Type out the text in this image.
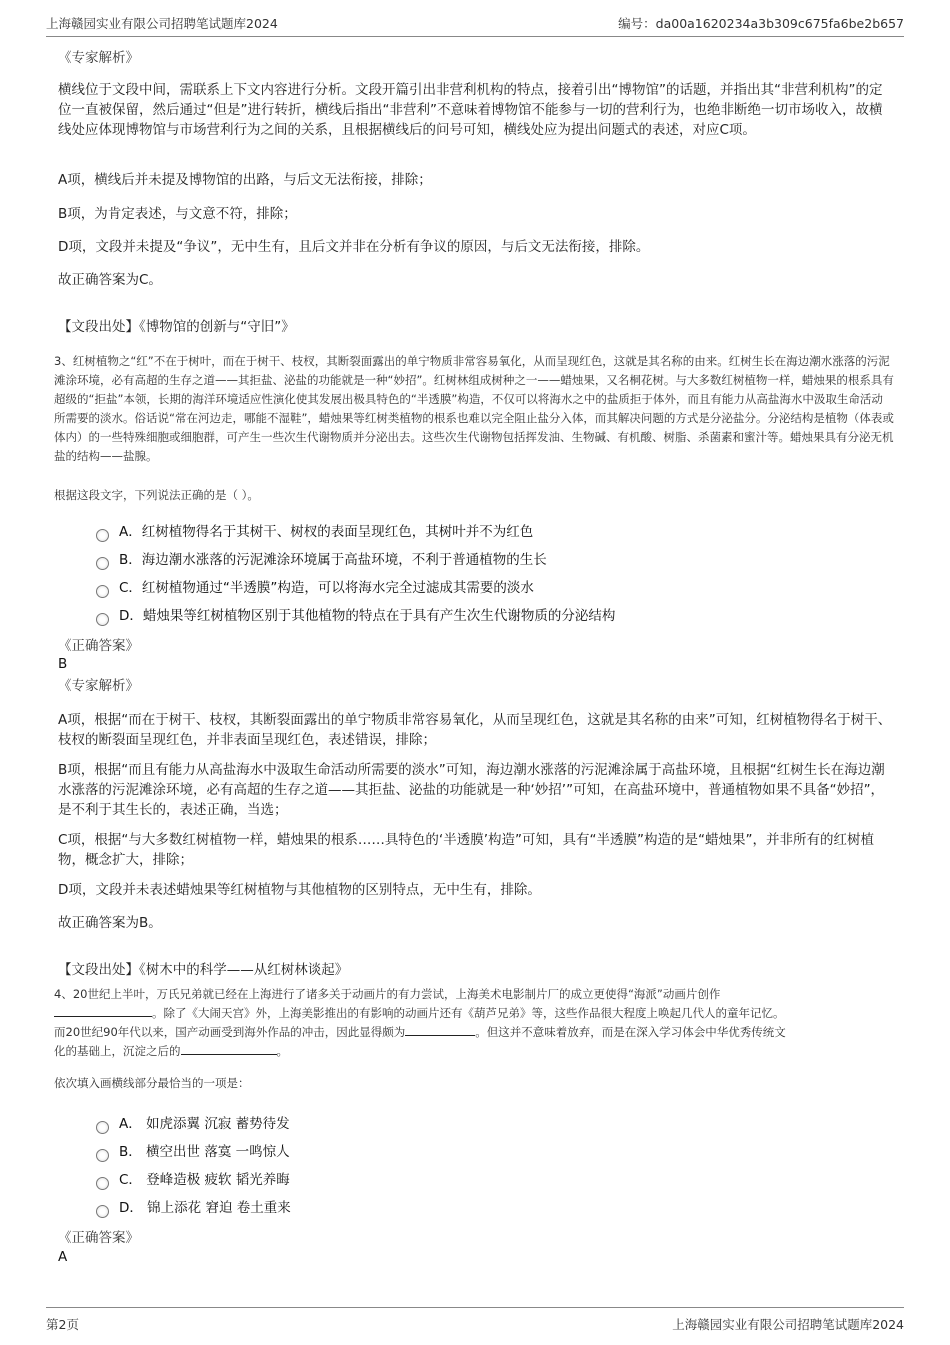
上海赣园实业有限公司招聘笔试题库2024	编号：da00a1620234a3b309c675fa6be2b657
《专家解析》

横线位于文段中间，需联系上下文内容进行分析。文段开篇引出非营利机构的特点，接着引出“博物馆”的话题，并指出其“非营利机构”的定位一直被保留，然后通过“但是”进行转折，横线后指出“非营利”不意味着博物馆不能参与一切的营利行为，也绝非断绝一切市场收入，故横线处应体现博物馆与市场营利行为之间的关系，且根据横线后的问号可知，横线处应为提出问题式的表述，对应C项。

A项，横线后并未提及博物馆的出路，与后文无法衔接，排除；

B项，为肯定表述，与文意不符，排除；

D项，文段并未提及“争议”，无中生有，且后文并非在分析有争议的原因，与后文无法衔接，排除。

故正确答案为C。

【文段出处】《博物馆的创新与“守旧”》

3、红树植物之“红”不在于树叶，而在于树干、枝杈，其断裂面露出的单宁物质非常容易氧化，从而呈现红色，这就是其名称的由来。红树生长在海边潮水涨落的污泥滩涂环境，必有高超的生存之道——其拒盐、泌盐的功能就是一种“妙招”。红树林组成树种之一——蜡烛果，又名桐花树。与大多数红树植物一样，蜡烛果的根系具有超级的“拒盐”本领，长期的海洋环境适应性演化使其发展出极具特色的“半透膜”构造，不仅可以将海水之中的盐质拒于体外，而且有能力从高盐海水中汲取生命活动所需要的淡水。俗话说“常在河边走，哪能不湿鞋”，蜡烛果等红树类植物的根系也难以完全阻止盐分入体，而其解决问题的方式是分泌盐分。分泌结构是植物（体表或体内）的一些特殊细胞或细胞群，可产生一些次生代谢物质并分泌出去。这些次生代谢物包括挥发油、生物碱、有机酸、树脂、杀菌素和蜜汁等。蜡烛果具有分泌无机盐的结构——盐腺。

根据这段文字，下列说法正确的是（ ）。

A．红树植物得名于其树干、树杈的表面呈现红色，其树叶并不为红色
B．海边潮水涨落的污泥滩涂环境属于高盐环境，不利于普通植物的生长
C．红树植物通过“半透膜”构造，可以将海水完全过滤成其需要的淡水
D．蜡烛果等红树植物区别于其他植物的特点在于具有产生次生代谢物质的分泌结构
《正确答案》
B
《专家解析》

A项，根据“而在于树干、枝杈，其断裂面露出的单宁物质非常容易氧化，从而呈现红色，这就是其名称的由来”可知，红树植物得名于树干、枝杈的断裂面呈现红色，并非表面呈现红色，表述错误，排除；

B项，根据“而且有能力从高盐海水中汲取生命活动所需要的淡水”可知，海边潮水涨落的污泥滩涂属于高盐环境，且根据“红树生长在海边潮水涨落的污泥滩涂环境，必有高超的生存之道——其拒盐、泌盐的功能就是一种‘妙招’”可知，在高盐环境中，普通植物如果不具备“妙招”，是不利于其生长的，表述正确，当选；

C项，根据“与大多数红树植物一样，蜡烛果的根系……具特色的‘半透膜’构造”可知，具有“半透膜”构造的是“蜡烛果”，并非所有的红树植物，概念扩大，排除；

D项，文段并未表述蜡烛果等红树植物与其他植物的区别特点，无中生有，排除。

故正确答案为B。

【文段出处】《树木中的科学——从红树林谈起》

4、20世纪上半叶，万氏兄弟就已经在上海进行了诸多关于动画片的有力尝试，上海美术电影制片厂的成立更使得“海派”动画片创作
。除了《大闹天宫》外，上海美影推出的有影响的动画片还有《葫芦兄弟》等，这些作品很大程度上唤起几代人的童年记忆。
而20世纪90年代以来，国产动画受到海外作品的冲击，因此显得颇为	。但这并不意味着放弃，而是在深入学习体会中华优秀传统文
化的基础上，沉淀之后的	。

依次填入画横线部分最恰当的一项是：

A． 如虎添翼 沉寂 蓄势待发
B． 横空出世 落寞 一鸣惊人
C． 登峰造极 疲软 韬光养晦
D． 锦上添花 窘迫 卷土重来
《正确答案》
A
第2页	上海赣园实业有限公司招聘笔试题库2024
